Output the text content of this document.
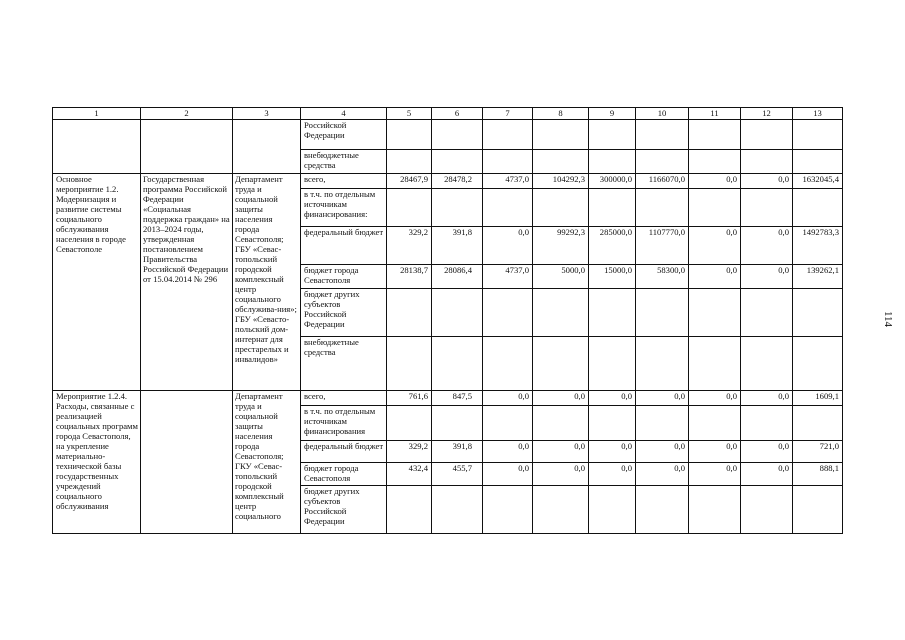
114
1	2	3	4	5	6	7	8	9	10	11	12	13
			Российской Федерации									
			внебюджетные средства									
Основное мероприятие 1.2. Модернизация и развитие системы социального обслуживания населения в городе Севастополе	Государственная программа Российской Федерации «Социальная поддержка граждан» на 2013–2024 годы, утвержденная постановлением Правительства Российской Федерации от 15.04.2014 № 296	Департамент труда и социальной защиты населения города Севастополя; ГБУ «Севас-топольский городской комплексный центр социального обслужива-ния»; ГБУ «Севасто-польский дом-интернат для престарелых и инвалидов»	всего,	28467,9	28478,2	4737,0	104292,3	300000,0	1166070,0	0,0	0,0	1632045,4
			в т.ч. по отдельным источникам финансирования:									
			федеральный бюджет	329,2	391,8	0,0	99292,3	285000,0	1107770,0	0,0	0,0	1492783,3
			бюджет города Севастополя	28138,7	28086,4	4737,0	5000,0	15000,0	58300,0	0,0	0,0	139262,1
			бюджет других субъектов Российской Федерации									
			внебюджетные средства									
Мероприятие 1.2.4. Расходы, связанные с реализацией социальных программ города Севастополя, на укрепление материально-технической базы государственных учреждений социального обслуживания		Департамент труда и социальной защиты населения города Севастополя; ГКУ «Севас-топольский городской комплексный центр социального	всего,	761,6	847,5	0,0	0,0	0,0	0,0	0,0	0,0	1609,1
			в т.ч. по отдельным источникам финансирования									
			федеральный бюджет	329,2	391,8	0,0	0,0	0,0	0,0	0,0	0,0	721,0
			бюджет города Севастополя	432,4	455,7	0,0	0,0	0,0	0,0	0,0	0,0	888,1
			бюджет других субъектов Российской Федерации									
